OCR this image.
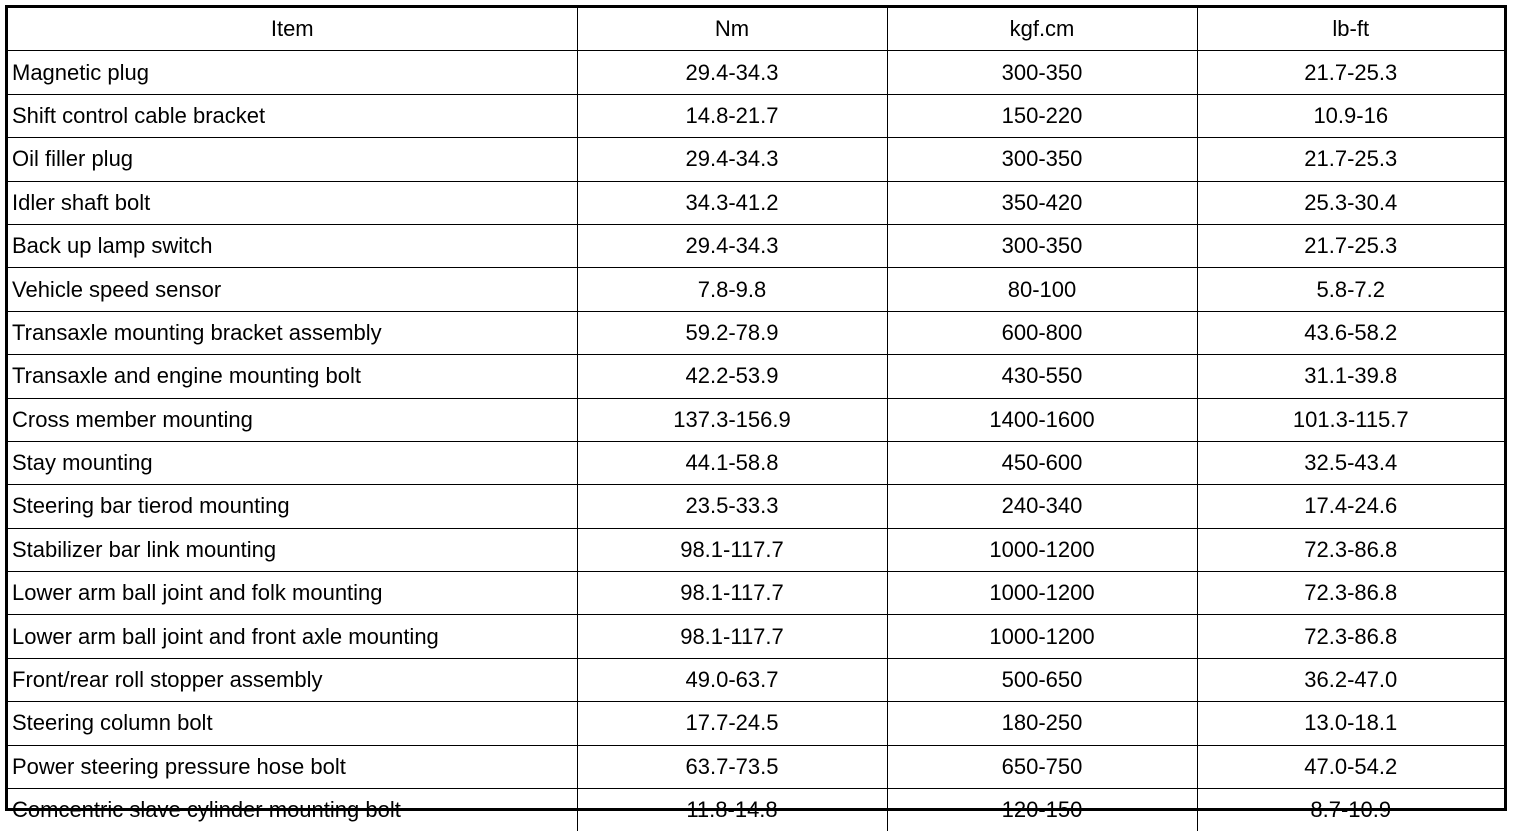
Item	Nm	kgf.cm	lb-ft
Magnetic plug	29.4-34.3	300-350	21.7-25.3
Shift control cable bracket	14.8-21.7	150-220	10.9-16
Oil filler plug	29.4-34.3	300-350	21.7-25.3
Idler shaft bolt	34.3-41.2	350-420	25.3-30.4
Back up lamp switch	29.4-34.3	300-350	21.7-25.3
Vehicle speed sensor	7.8-9.8	80-100	5.8-7.2
Transaxle mounting bracket assembly	59.2-78.9	600-800	43.6-58.2
Transaxle and engine mounting bolt	42.2-53.9	430-550	31.1-39.8
Cross member mounting	137.3-156.9	1400-1600	101.3-115.7
Stay mounting	44.1-58.8	450-600	32.5-43.4
Steering bar tierod mounting	23.5-33.3	240-340	17.4-24.6
Stabilizer bar link mounting	98.1-117.7	1000-1200	72.3-86.8
Lower arm ball joint and folk mounting	98.1-117.7	1000-1200	72.3-86.8
Lower arm ball joint and front axle mounting	98.1-117.7	1000-1200	72.3-86.8
Front/rear roll stopper assembly	49.0-63.7	500-650	36.2-47.0
Steering column bolt	17.7-24.5	180-250	13.0-18.1
Power steering pressure hose bolt	63.7-73.5	650-750	47.0-54.2
Comcentric slave cylinder mounting bolt	11.8-14.8	120-150	8.7-10.9
